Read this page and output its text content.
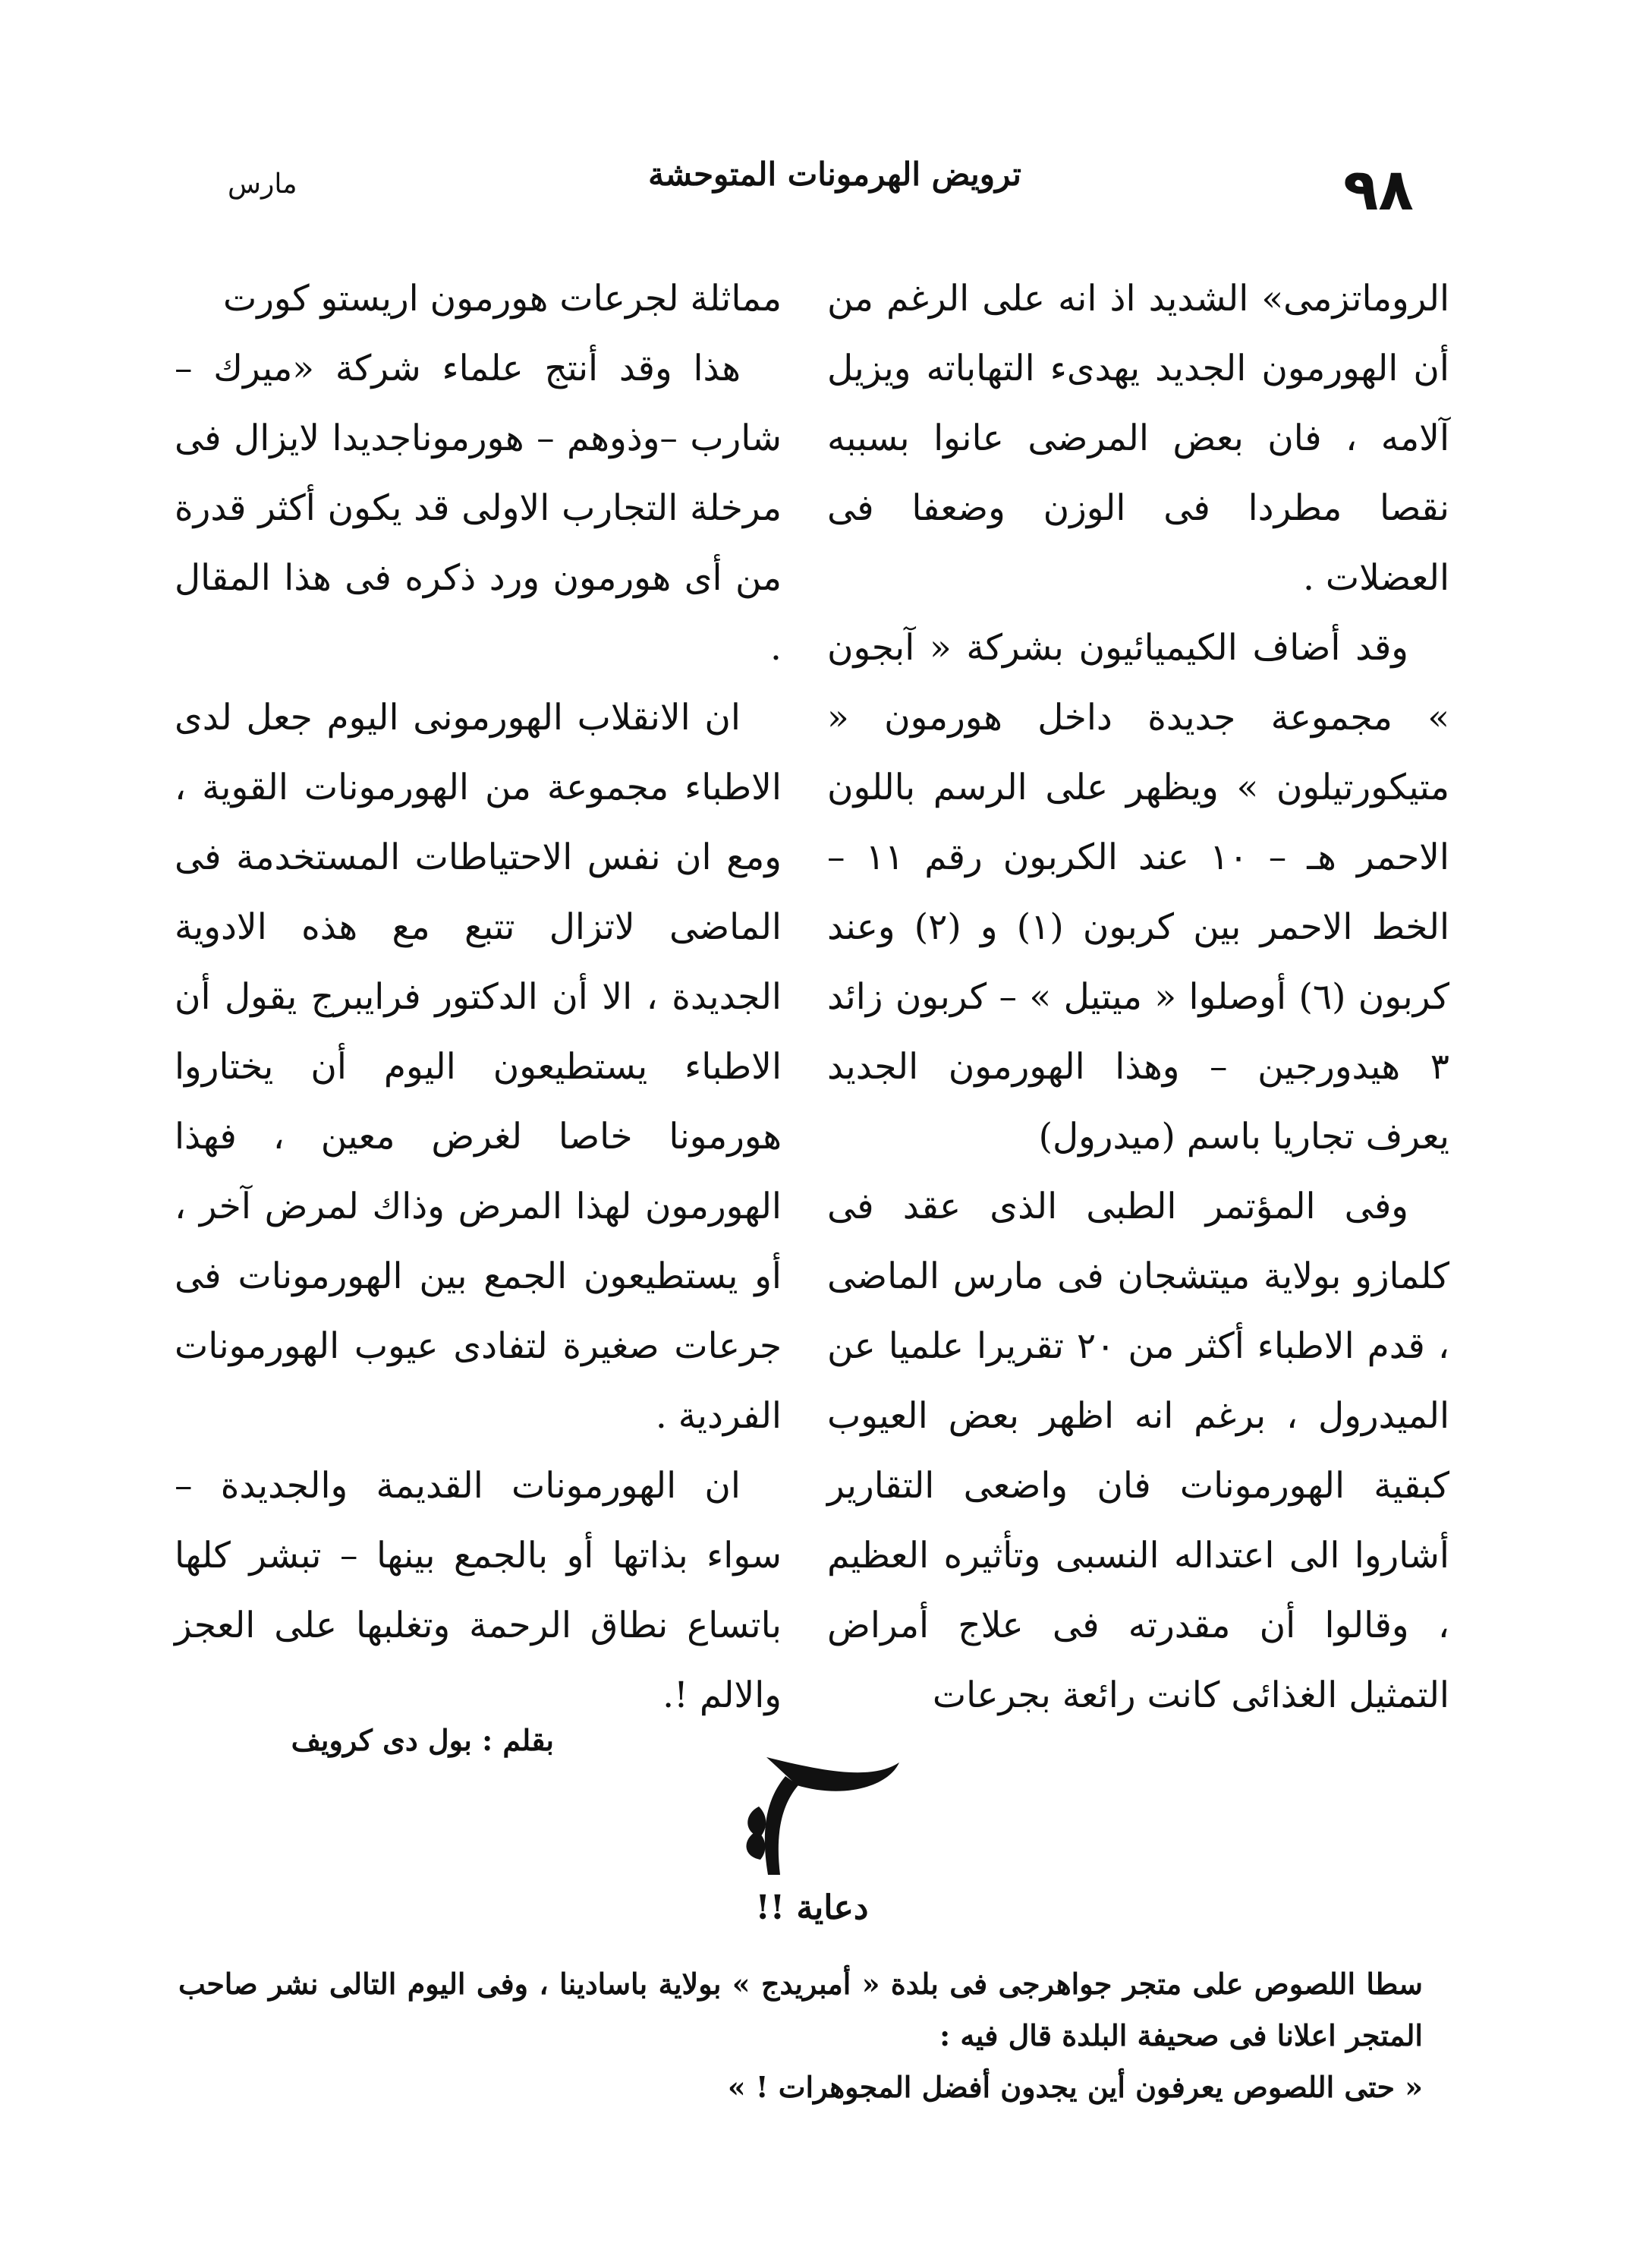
٩٨
ترويض الهرمونات المتوحشة
مارس

الروماتزمى» الشديد اذ انه على الرغم من أن الهورمون الجديد يهدىء التهاباته ويزيل آلامه ، فان بعض المرضى عانوا بسببه نقصا مطردا فى الوزن وضعفا فى العضلات .

وقد أضاف الكيميائيون بشركة « آبجون » مجموعة جديدة داخل هورمون « متيكورتيلون » ويظهر على الرسم باللون الاحمر هـ – ١٠ عند الكربون رقم ١١ – الخط الاحمر بين كربون (١) و (٢) وعند كربون (٦) أوصلوا « ميتيل » – كربون زائد ٣ هيدورجين – وهذا الهورمون الجديد يعرف تجاريا باسم (ميدرول)

وفى المؤتمر الطبى الذى عقد فى كلمازو بولاية ميتشجان فى مارس الماضى ، قدم الاطباء أكثر من ٢٠ تقريرا علميا عن الميدرول ، برغم انه اظهر بعض العيوب كبقية الهورمونات فان واضعى التقارير أشاروا الى اعتداله النسبى وتأثيره العظيم ، وقالوا أن مقدرته فى علاج أمراض التمثيل الغذائى كانت رائعة بجرعات

مماثلة لجرعات هورمون اريستو كورت

هذا وقد أنتج علماء شركة «ميرك – شارب –وذوهم – هورموناجديدا لايزال فى مرخلة التجارب الاولى قد يكون أكثر قدرة من أى هورمون ورد ذكره فى هذا المقال .

ان الانقلاب الهورمونى اليوم جعل لدى الاطباء مجموعة من الهورمونات القوية ، ومع ان نفس الاحتياطات المستخدمة فى الماضى لاتزال تتبع مع هذه الادوية الجديدة ، الا أن الدكتور فرايبرج يقول أن الاطباء يستطيعون اليوم أن يختاروا هورمونا خاصا لغرض معين ، فهذا الهورمون لهذا المرض وذاك لمرض آخر ، أو يستطيعون الجمع بين الهورمونات فى جرعات صغيرة لتفادى عيوب الهورمونات الفردية .

ان الهورمونات القديمة والجديدة – سواء بذاتها أو بالجمع بينها – تبشر كلها باتساع نطاق الرحمة وتغلبها على العجز والالم !.

بقلم : بول دى كرويف
دعاية !!

سطا اللصوص على متجر جواهرجى فى بلدة « أمبريدج » بولاية باسادينا ، وفى اليوم التالى نشر صاحب المتجر اعلانا فى صحيفة البلدة قال فيه :

« حتى اللصوص يعرفون أين يجدون أفضل المجوهرات ! »
